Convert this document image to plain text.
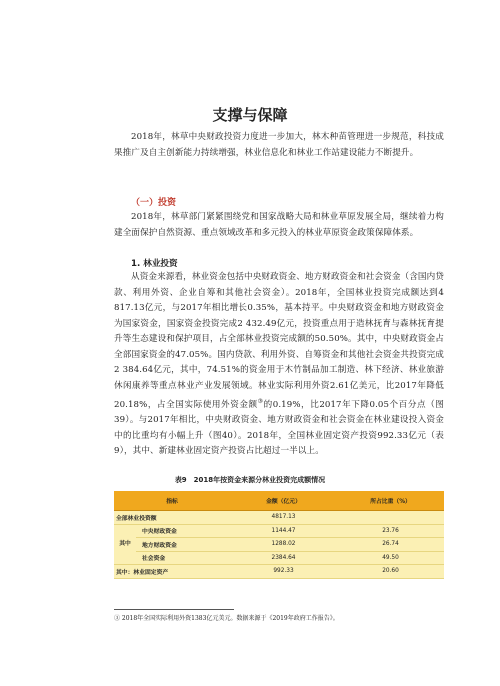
支撑与保障
2018年，林草中央财政投资力度进一步加大，林木种苗管理进一步规范，科技成果推广及自主创新能力持续增强，林业信息化和林业工作站建设能力不断提升。
（一）投资
2018年，林草部门紧紧围绕党和国家战略大局和林业草原发展全局，继续着力构建全面保护自然资源、重点领域改革和多元投入的林业草原资金政策保障体系。
1. 林业投资
从资金来源看，林业资金包括中央财政资金、地方财政资金和社会资金（含国内贷款、利用外资、企业自筹和其他社会资金）。2018年，全国林业投资完成额达到4 817.13亿元，与2017年相比增长0.35%，基本持平。中央财政资金和地方财政资金为国家资金，国家资金投资完成2 432.49亿元，投资重点用于造林抚育与森林抚育提升等生态建设和保护项目，占全部林业投资完成额的50.50%。其中，中央财政资金占全部国家资金的47.05%。国内贷款、利用外资、自筹资金和其他社会资金共投资完成2 384.64亿元，其中，74.51%的资金用于木竹制品加工制造、林下经济、林业旅游休闲康养等重点林业产业发展领域。林业实际利用外资2.61亿美元，比2017年降低20.18%，占全国实际使用外资金额③的0.19%，比2017年下降0.05个百分点（图39）。与2017年相比，中央财政资金、地方财政资金和社会资金在林业建设投入资金中的比重均有小幅上升（图40）。2018年，全国林业固定资产投资992.33亿元（表9），其中、新建林业固定资产投资占比超过一半以上。
表9　2018年按资金来源分林业投资完成额情况
指标		金额（亿元）	所占比重（%）
全部林业投资额		4817.13	
其中	中央财政资金	1144.47	23.76
	地方财政资金	1288.02	26.74
	社会资金	2384.64	49.50
其中：林业固定资产		992.33	20.60
③ 2018年全国实际利用外资1383亿元美元。数据来源于《2019年政府工作报告》。
